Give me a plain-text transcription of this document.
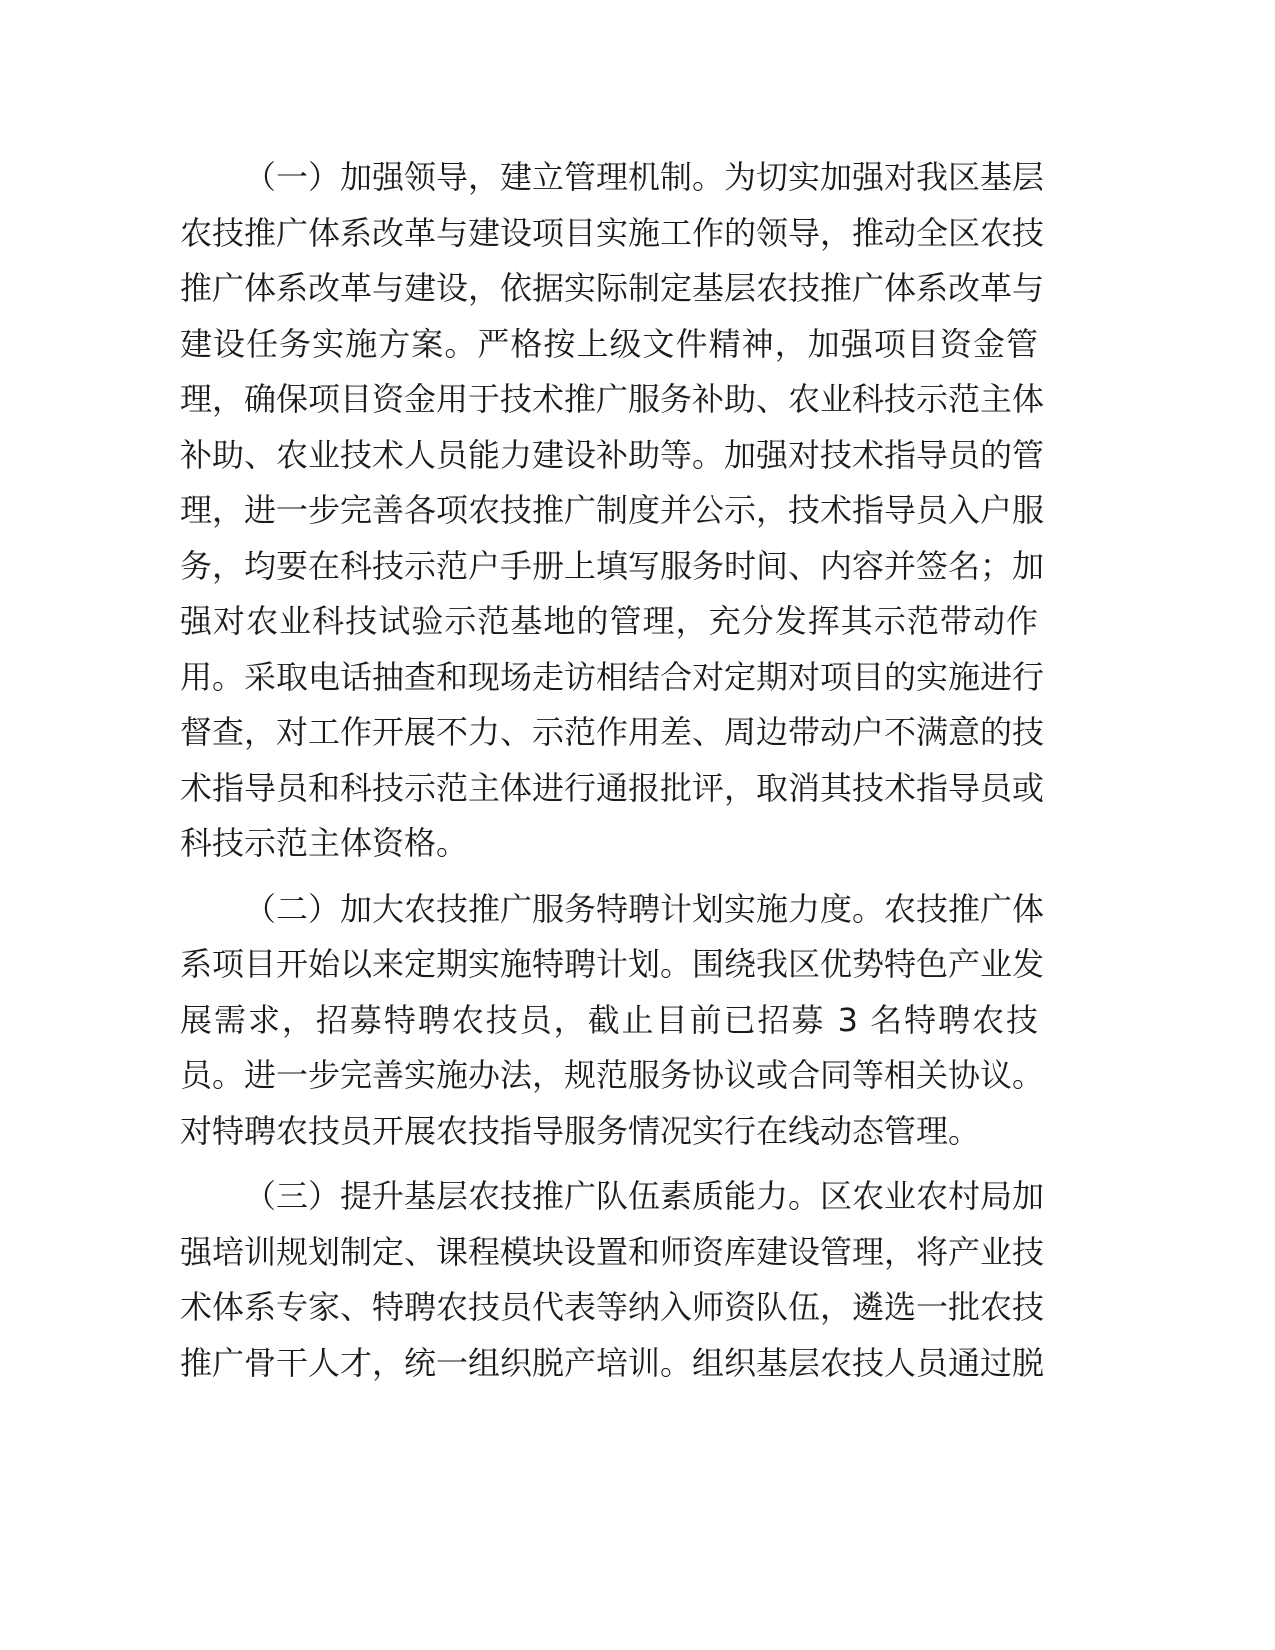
（一）加强领导，建立管理机制。为切实加强对我区基层
农技推广体系改革与建设项目实施工作的领导，推动全区农技
推广体系改革与建设，依据实际制定基层农技推广体系改革与
建设任务实施方案。严格按上级文件精神，加强项目资金管
理，确保项目资金用于技术推广服务补助、农业科技示范主体
补助、农业技术人员能力建设补助等。加强对技术指导员的管
理，进一步完善各项农技推广制度并公示，技术指导员入户服
务，均要在科技示范户手册上填写服务时间、内容并签名；加
强对农业科技试验示范基地的管理，充分发挥其示范带动作
用。采取电话抽查和现场走访相结合对定期对项目的实施进行
督查，对工作开展不力、示范作用差、周边带动户不满意的技
术指导员和科技示范主体进行通报批评，取消其技术指导员或
科技示范主体资格。
（二）加大农技推广服务特聘计划实施力度。农技推广体
系项目开始以来定期实施特聘计划。围绕我区优势特色产业发
展需求，招募特聘农技员，截止目前已招募 3 名特聘农技
员。进一步完善实施办法，规范服务协议或合同等相关协议。
对特聘农技员开展农技指导服务情况实行在线动态管理。
（三）提升基层农技推广队伍素质能力。区农业农村局加
强培训规划制定、课程模块设置和师资库建设管理，将产业技
术体系专家、特聘农技员代表等纳入师资队伍，遴选一批农技
推广骨干人才，统一组织脱产培训。组织基层农技人员通过脱
